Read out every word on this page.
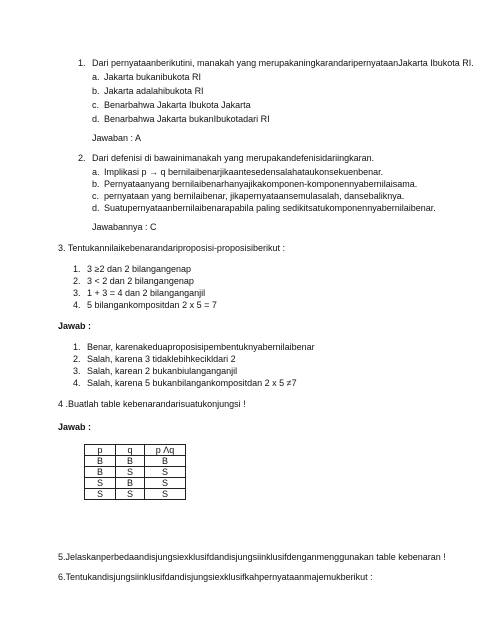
1. Dari pernyataanberikutini, manakah yang merupakaningkarandaripernyataanJakarta Ibukota RI.
a. Jakarta bukanibukota RI
b. Jakarta adalahibukota RI
c. Benarbahwa Jakarta Ibukota Jakarta
d. Benarbahwa Jakarta bukanIbukotadari RI
Jawaban : A
2. Dari defenisi di bawainimanakah yang merupakandefenisidariingkaran.
a. Implikasi p → q bernilaibenarjikaantesedensalahataukonsekuenbenar.
b. Pernyataanyang bernilaibenarhanyajikakomponen-komponennyabernilaisama.
c. pernyataan yang bernilaibenar, jikapernyataansemulasalah, dansebaliknya.
d. Suatupernyataanbernilaibenarapabila paling sedikitsatukomponennyabernilaibenar.
Jawabannya : C
3. Tentukannilaikebenarandariproposisi-proposisiberikut :
1. 3 ≥2 dan 2 bilangangenap
2. 3 < 2 dan 2 bilangangenap
3. 1 + 3 = 4 dan 2 bilanganganjil
4. 5 bilangankompositdan 2 x 5 = 7
Jawab :
1. Benar, karenakeduaproposisipembentuknyabernilaibenar
2. Salah, karena 3 tidaklebihkecikldari 2
3. Salah, karean 2 bukanbiulanganganjil
4. Salah, karena 5 bukanbilangankompositdan 2 x 5 ≠7
4 .Buatlah table kebenarandarisuatukonjungsi !
Jawab :
p	q	p Λq
B	B	B
B	S	S
S	B	S
S	S	S
5.Jelaskanperbedaandisjungsiexklusifdandisjungsiinklusifdenganmenggunakan table kebenaran !
6.Tentukandisjungsiinklusifdandisjungsiexklusifkahpernyataanmajemukberikut :
